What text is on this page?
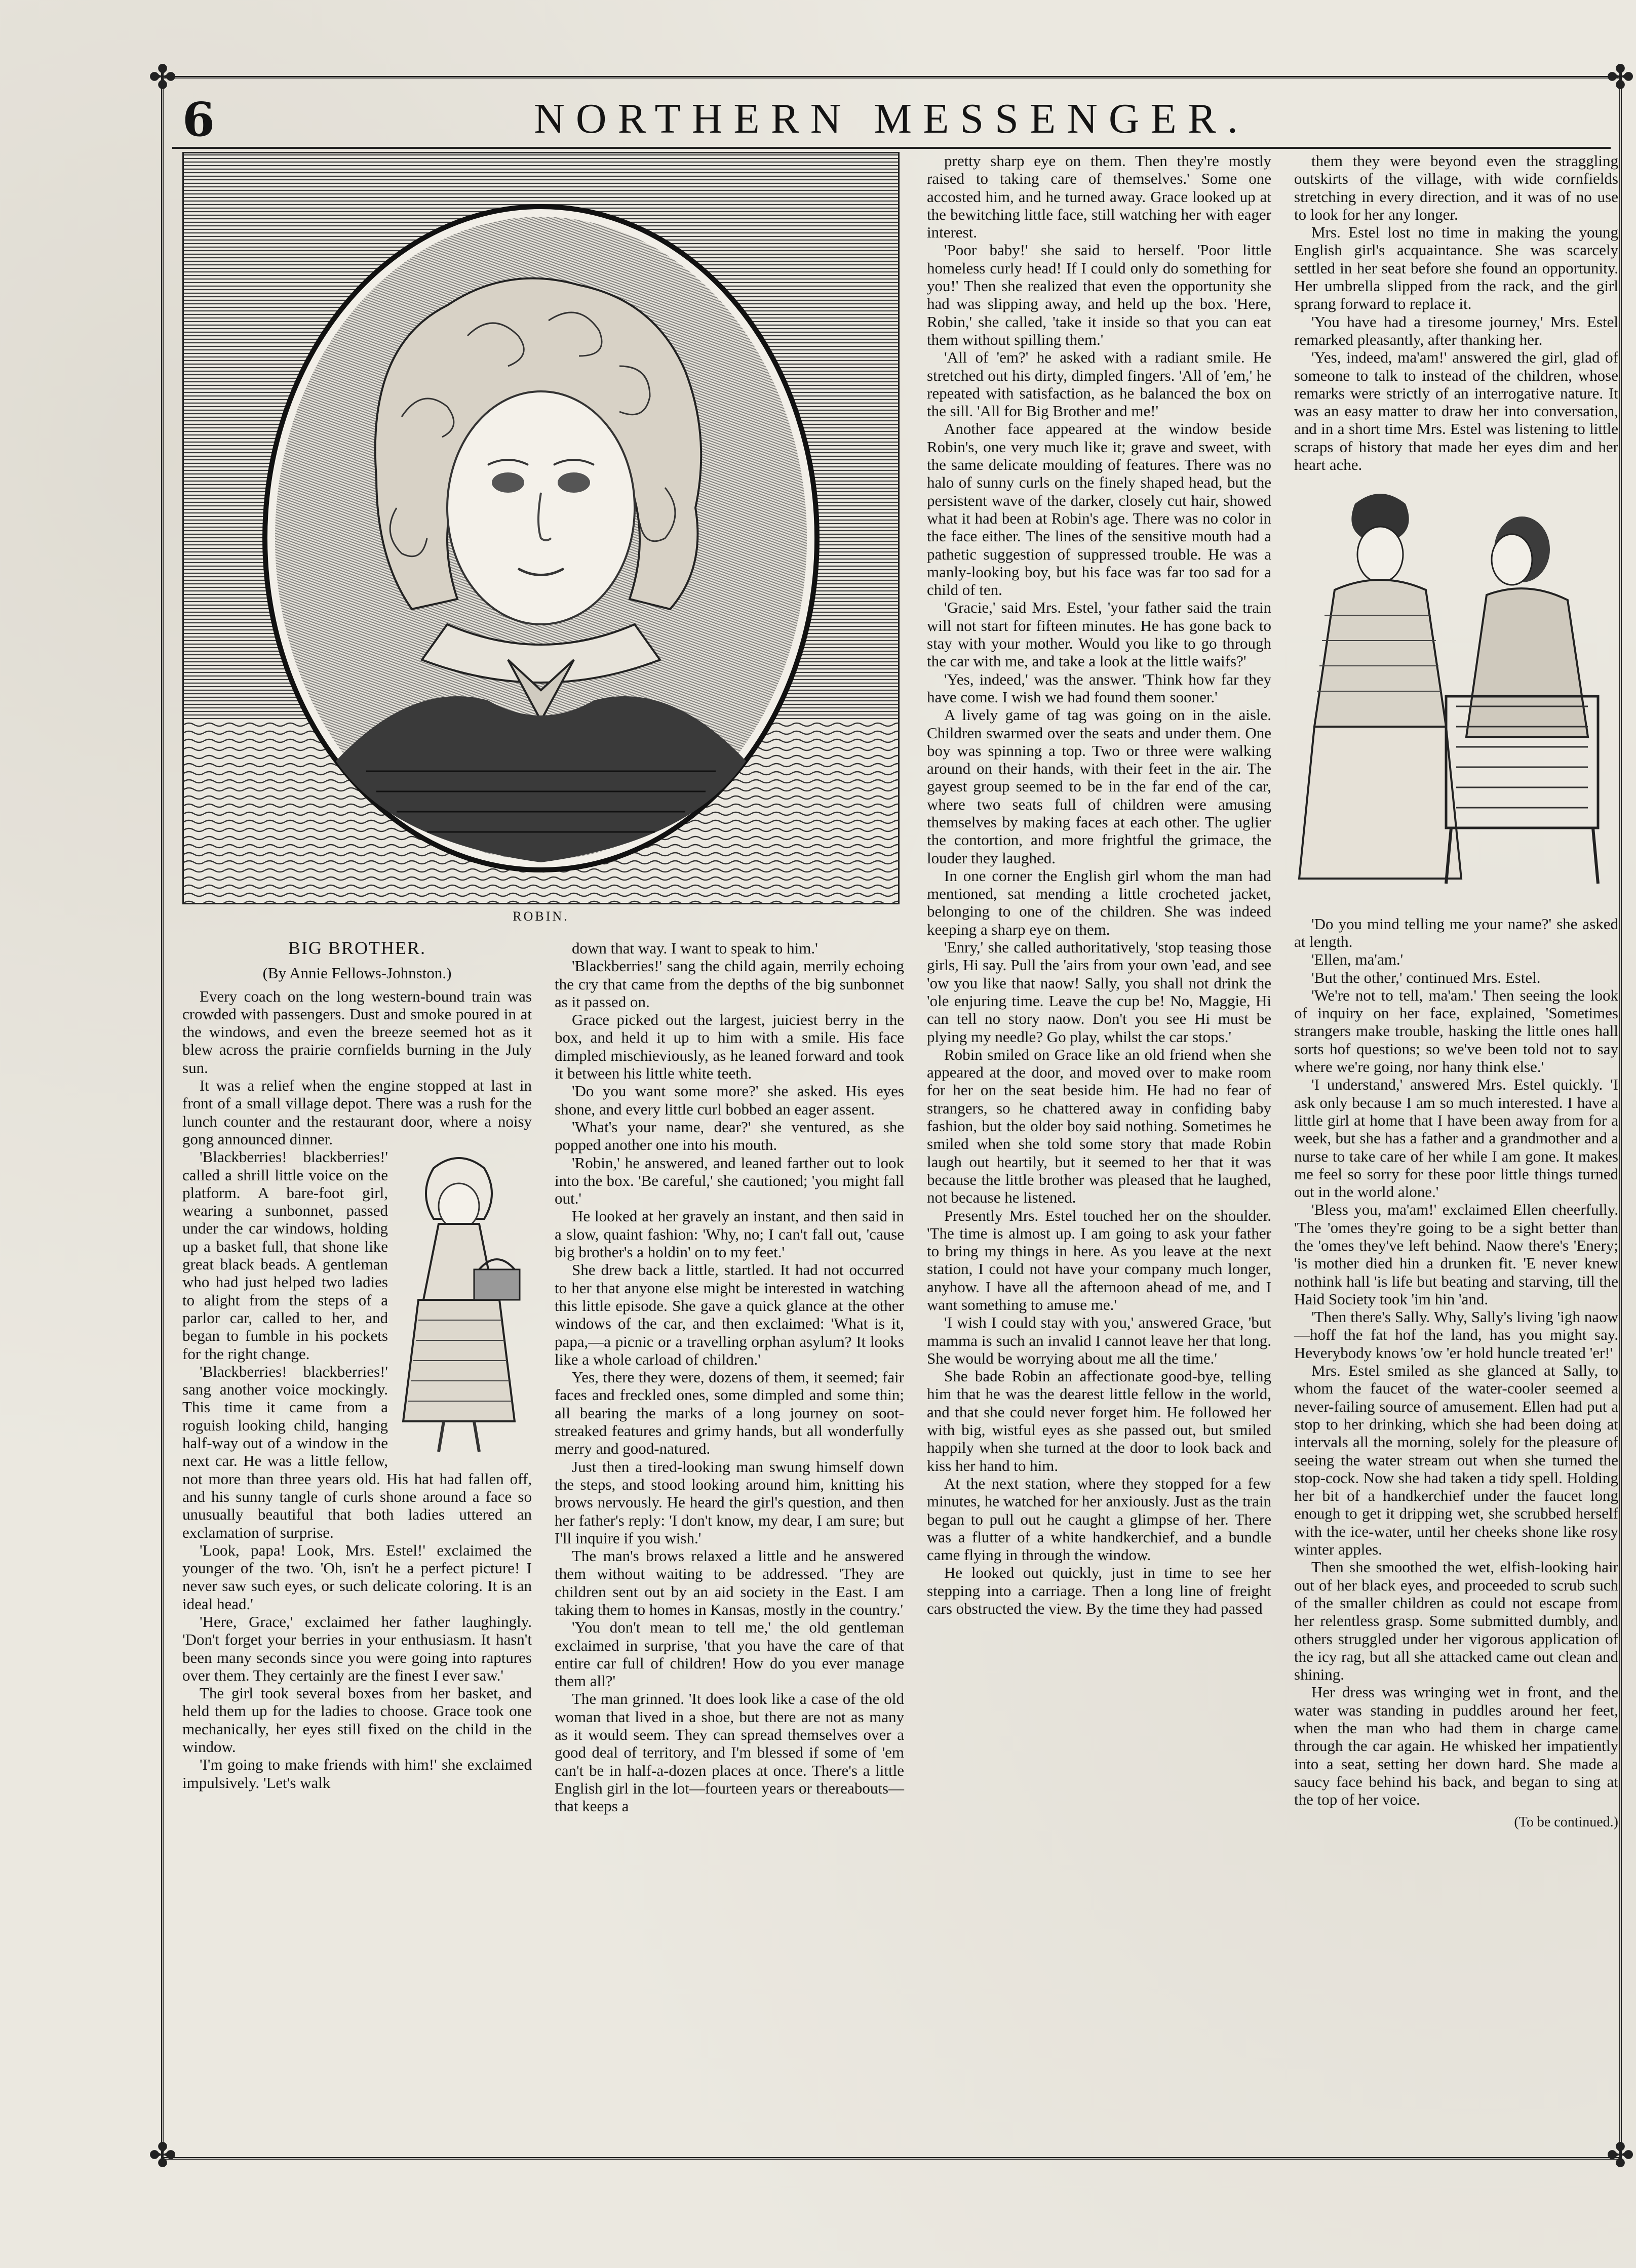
✤	✤
✤	✤
6	NORTHERN MESSENGER.
ROBIN.

BIG BROTHER.

(By Annie Fellows-Johnston.)

Every coach on the long western-bound train was crowded with passengers. Dust and smoke poured in at the windows, and even the breeze seemed hot as it blew across the prairie cornfields burning in the July sun.

It was a relief when the engine stopped at last in front of a small village depot. There was a rush for the lunch counter and the restaurant door, where a noisy gong announced dinner.

'Blackberries! blackberries!' called a shrill little voice on the platform. A bare-foot girl, wearing a sunbonnet, passed under the car windows, holding up a basket full, that shone like great black beads. A gentleman who had just helped two ladies to alight from the steps of a parlor car, called to her, and began to fumble in his pockets for the right change.

'Blackberries! blackberries!' sang another voice mockingly. This time it came from a roguish looking child, hanging half-way out of a window in the next car. He was a little fellow, not more than three years old. His hat had fallen off, and his sunny tangle of curls shone around a face so unusually beautiful that both ladies uttered an exclamation of surprise.

'Look, papa! Look, Mrs. Estel!' exclaimed the younger of the two. 'Oh, isn't he a perfect picture! I never saw such eyes, or such delicate coloring. It is an ideal head.'

'Here, Grace,' exclaimed her father laughingly. 'Don't forget your berries in your enthusiasm. It hasn't been many seconds since you were going into raptures over them. They certainly are the finest I ever saw.'

The girl took several boxes from her basket, and held them up for the ladies to choose. Grace took one mechanically, her eyes still fixed on the child in the window.

'I'm going to make friends with him!' she exclaimed impulsively. 'Let's walk

down that way. I want to speak to him.'

'Blackberries!' sang the child again, merrily echoing the cry that came from the depths of the big sunbonnet as it passed on.

Grace picked out the largest, juiciest berry in the box, and held it up to him with a smile. His face dimpled mischieviously, as he leaned forward and took it between his little white teeth.

'Do you want some more?' she asked. His eyes shone, and every little curl bobbed an eager assent.

'What's your name, dear?' she ventured, as she popped another one into his mouth.

'Robin,' he answered, and leaned farther out to look into the box. 'Be careful,' she cautioned; 'you might fall out.'

He looked at her gravely an instant, and then said in a slow, quaint fashion: 'Why, no; I can't fall out, 'cause big brother's a holdin' on to my feet.'

She drew back a little, startled. It had not occurred to her that anyone else might be interested in watching this little episode. She gave a quick glance at the other windows of the car, and then exclaimed: 'What is it, papa,—a picnic or a travelling orphan asylum? It looks like a whole carload of children.'

Yes, there they were, dozens of them, it seemed; fair faces and freckled ones, some dimpled and some thin; all bearing the marks of a long journey on soot-streaked features and grimy hands, but all wonderfully merry and good-natured.

Just then a tired-looking man swung himself down the steps, and stood looking around him, knitting his brows nervously. He heard the girl's question, and then her father's reply: 'I don't know, my dear, I am sure; but I'll inquire if you wish.'

The man's brows relaxed a little and he answered them without waiting to be addressed. 'They are children sent out by an aid society in the East. I am taking them to homes in Kansas, mostly in the country.'

'You don't mean to tell me,' the old gentleman exclaimed in surprise, 'that you have the care of that entire car full of children! How do you ever manage them all?'

The man grinned. 'It does look like a case of the old woman that lived in a shoe, but there are not as many as it would seem. They can spread themselves over a good deal of territory, and I'm blessed if some of 'em can't be in half-a-dozen places at once. There's a little English girl in the lot—fourteen years or thereabouts—that keeps a

pretty sharp eye on them. Then they're mostly raised to taking care of themselves.' Some one accosted him, and he turned away. Grace looked up at the bewitching little face, still watching her with eager interest.

'Poor baby!' she said to herself. 'Poor little homeless curly head! If I could only do something for you!' Then she realized that even the opportunity she had was slipping away, and held up the box. 'Here, Robin,' she called, 'take it inside so that you can eat them without spilling them.'

'All of 'em?' he asked with a radiant smile. He stretched out his dirty, dimpled fingers. 'All of 'em,' he repeated with satisfaction, as he balanced the box on the sill. 'All for Big Brother and me!'

Another face appeared at the window beside Robin's, one very much like it; grave and sweet, with the same delicate moulding of features. There was no halo of sunny curls on the finely shaped head, but the persistent wave of the darker, closely cut hair, showed what it had been at Robin's age. There was no color in the face either. The lines of the sensitive mouth had a pathetic suggestion of suppressed trouble. He was a manly-looking boy, but his face was far too sad for a child of ten.

'Gracie,' said Mrs. Estel, 'your father said the train will not start for fifteen minutes. He has gone back to stay with your mother. Would you like to go through the car with me, and take a look at the little waifs?'

'Yes, indeed,' was the answer. 'Think how far they have come. I wish we had found them sooner.'

A lively game of tag was going on in the aisle. Children swarmed over the seats and under them. One boy was spinning a top. Two or three were walking around on their hands, with their feet in the air. The gayest group seemed to be in the far end of the car, where two seats full of children were amusing themselves by making faces at each other. The uglier the contortion, and more frightful the grimace, the louder they laughed.

In one corner the English girl whom the man had mentioned, sat mending a little crocheted jacket, belonging to one of the children. She was indeed keeping a sharp eye on them.

'Enry,' she called authoritatively, 'stop teasing those girls, Hi say. Pull the 'airs from your own 'ead, and see 'ow you like that naow! Sally, you shall not drink the 'ole enjuring time. Leave the cup be! No, Maggie, Hi can tell no story naow. Don't you see Hi must be plying my needle? Go play, whilst the car stops.'

Robin smiled on Grace like an old friend when she appeared at the door, and moved over to make room for her on the seat beside him. He had no fear of strangers, so he chattered away in confiding baby fashion, but the older boy said nothing. Sometimes he smiled when she told some story that made Robin laugh out heartily, but it seemed to her that it was because the little brother was pleased that he laughed, not because he listened.

Presently Mrs. Estel touched her on the shoulder. 'The time is almost up. I am going to ask your father to bring my things in here. As you leave at the next station, I could not have your company much longer, anyhow. I have all the afternoon ahead of me, and I want something to amuse me.'

'I wish I could stay with you,' answered Grace, 'but mamma is such an invalid I cannot leave her that long. She would be worrying about me all the time.'

She bade Robin an affectionate good-bye, telling him that he was the dearest little fellow in the world, and that she could never forget him. He followed her with big, wistful eyes as she passed out, but smiled happily when she turned at the door to look back and kiss her hand to him.

At the next station, where they stopped for a few minutes, he watched for her anxiously. Just as the train began to pull out he caught a glimpse of her. There was a flutter of a white handkerchief, and a bundle came flying in through the window.

He looked out quickly, just in time to see her stepping into a carriage. Then a long line of freight cars obstructed the view. By the time they had passed

them they were beyond even the straggling outskirts of the village, with wide cornfields stretching in every direction, and it was of no use to look for her any longer.

Mrs. Estel lost no time in making the young English girl's acquaintance. She was scarcely settled in her seat before she found an opportunity. Her umbrella slipped from the rack, and the girl sprang forward to replace it.

'You have had a tiresome journey,' Mrs. Estel remarked pleasantly, after thanking her.

'Yes, indeed, ma'am!' answered the girl, glad of someone to talk to instead of the children, whose remarks were strictly of an interrogative nature. It was an easy matter to draw her into conversation, and in a short time Mrs. Estel was listening to little scraps of history that made her eyes dim and her heart ache.

'Do you mind telling me your name?' she asked at length.

'Ellen, ma'am.'

'But the other,' continued Mrs. Estel.

'We're not to tell, ma'am.' Then seeing the look of inquiry on her face, explained, 'Sometimes strangers make trouble, hasking the little ones hall sorts hof questions; so we've been told not to say where we're going, nor hany think else.'

'I understand,' answered Mrs. Estel quickly. 'I ask only because I am so much interested. I have a little girl at home that I have been away from for a week, but she has a father and a grandmother and a nurse to take care of her while I am gone. It makes me feel so sorry for these poor little things turned out in the world alone.'

'Bless you, ma'am!' exclaimed Ellen cheerfully. 'The 'omes they're going to be a sight better than the 'omes they've left behind. Naow there's 'Enery; 'is mother died hin a drunken fit. 'E never knew nothink hall 'is life but beating and starving, till the Haid Society took 'im hin 'and.

'Then there's Sally. Why, Sally's living 'igh naow—hoff the fat hof the land, has you might say. Heverybody knows 'ow 'er hold huncle treated 'er!'

Mrs. Estel smiled as she glanced at Sally, to whom the faucet of the water-cooler seemed a never-failing source of amusement. Ellen had put a stop to her drinking, which she had been doing at intervals all the morning, solely for the pleasure of seeing the water stream out when she turned the stop-cock. Now she had taken a tidy spell. Holding her bit of a handkerchief under the faucet long enough to get it dripping wet, she scrubbed herself with the ice-water, until her cheeks shone like rosy winter apples.

Then she smoothed the wet, elfish-looking hair out of her black eyes, and proceeded to scrub such of the smaller children as could not escape from her relentless grasp. Some submitted dumbly, and others struggled under her vigorous application of the icy rag, but all she attacked came out clean and shining.

Her dress was wringing wet in front, and the water was standing in puddles around her feet, when the man who had them in charge came through the car again. He whisked her impatiently into a seat, setting her down hard. She made a saucy face behind his back, and began to sing at the top of her voice.

(To be continued.)
